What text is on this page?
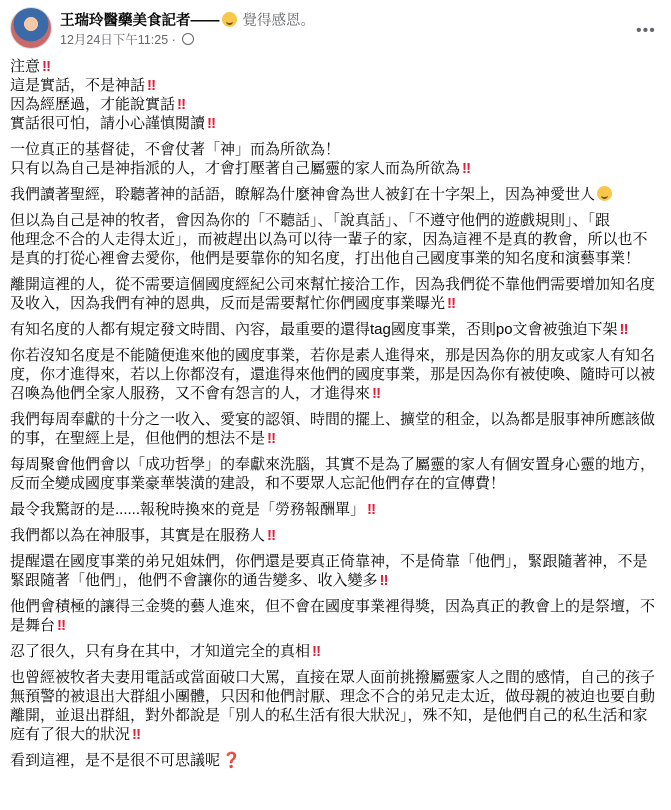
王瑞玲醫藥美食記者—— 覺得感恩。
12月24日下午11:25 ·
•••
注意 ‼
這是實話，不是神話 ‼
因為經歷過，才能說實話 ‼
實話很可怕，請小心謹慎閱讀 ‼
一位真正的基督徒，不會仗著「神」而為所欲為！
只有以為自己是神指派的人，才會打壓著自己屬靈的家人而為所欲為 ‼
我們讀著聖經，聆聽著神的話語，瞭解為什麼神會為世人被釘在十字架上，因為神愛世人
但以為自己是神的牧者，會因為你的「不聽話」、「說真話」、「不遵守他們的遊戲規則」、「跟
他理念不合的人走得太近」，而被趕出以為可以待一輩子的家，因為這裡不是真的教會，所以也不
是真的打從心裡會去愛你，他們是要靠你的知名度，打出他自己國度事業的知名度和演藝事業！
離開這裡的人，從不需要這個國度經紀公司來幫忙接洽工作，因為我們從不靠他們需要增加知名度
及收入，因為我們有神的恩典，反而是需要幫忙你們國度事業曝光 ‼
有知名度的人都有規定發文時間、內容，最重要的還得tag國度事業，否則po文會被強迫下架 ‼
你若沒知名度是不能隨便進來他的國度事業，若你是素人進得來，那是因為你的朋友或家人有知名
度，你才進得來，若以上你都沒有，還進得來他們的國度事業，那是因為你有被使喚、隨時可以被
召喚為他們全家人服務，又不會有怨言的人，才進得來 ‼
我們每周奉獻的十分之一收入、愛宴的認領、時間的擺上、擴堂的租金，以為都是服事神所應該做
的事，在聖經上是，但他們的想法不是 ‼
每周聚會他們會以「成功哲學」的奉獻來洗腦，其實不是為了屬靈的家人有個安置身心靈的地方，
反而全變成國度事業豪華裝潢的建設，和不要眾人忘記他們存在的宣傳費！
最令我驚訝的是......報稅時換來的竟是「勞務報酬單」 ‼
我們都以為在神服事，其實是在服務人 ‼
提醒還在國度事業的弟兄姐妹們，你們還是要真正倚靠神，不是倚靠「他們」，緊跟隨著神，不是
緊跟隨著「他們」，他們不會讓你的通告變多、收入變多 ‼
他們會積極的讓得三金獎的藝人進來，但不會在國度事業裡得獎，因為真正的教會上的是祭壇，不
是舞台 ‼
忍了很久，只有身在其中，才知道完全的真相 ‼
也曾經被牧者夫妻用電話或當面破口大罵，直接在眾人面前挑撥屬靈家人之間的感情，自己的孩子
無預警的被退出大群組小團體，只因和他們討厭、理念不合的弟兄走太近，做母親的被迫也要自動
離開，並退出群組，對外都說是「別人的私生活有很大狀況」，殊不知，是他們自己的私生活和家
庭有了很大的狀況 ‼
看到這裡，是不是很不可思議呢 ❓
